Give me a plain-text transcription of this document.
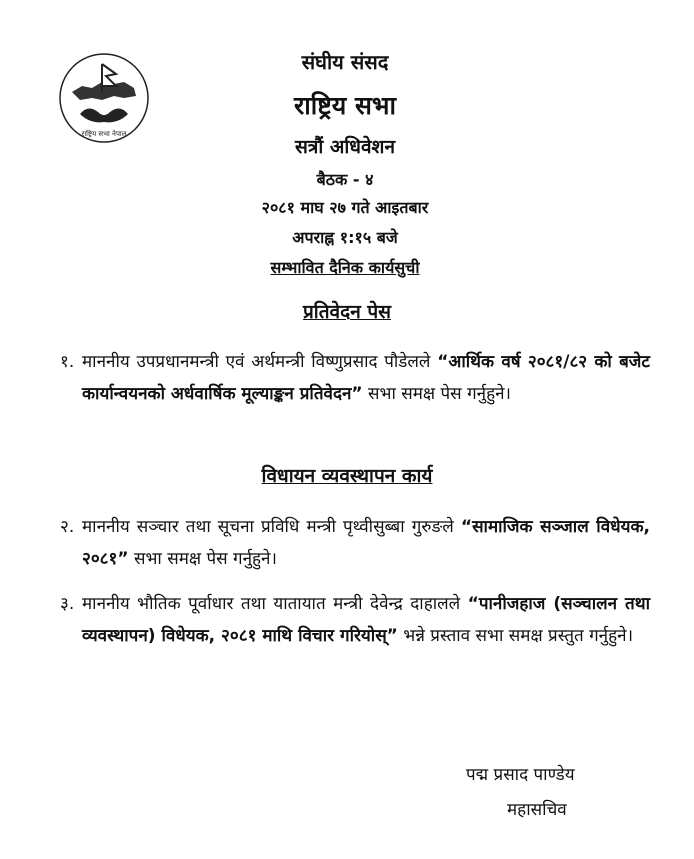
राष्ट्रिय सभा नेपाल
संघीय संसद
राष्ट्रिय सभा
सत्रौं अधिवेशन
बैठक - ४
२०८१ माघ २७ गते आइतबार
अपराह्न १:१५ बजे
सम्भावित दैनिक कार्यसुची
प्रतिवेदन पेस
१. माननीय उपप्रधानमन्त्री एवं अर्थमन्त्री विष्णुप्रसाद पौडेलले “आर्थिक वर्ष २०८१/८२ को बजेट कार्यान्वयनको अर्धवार्षिक मूल्याङ्कन प्रतिवेदन” सभा समक्ष पेस गर्नुहुने।
विधायन व्यवस्थापन कार्य
२. माननीय सञ्चार तथा सूचना प्रविधि मन्त्री पृथ्वीसुब्बा गुरुङले “सामाजिक सञ्जाल विधेयक, २०८१” सभा समक्ष पेस गर्नुहुने।
३. माननीय भौतिक पूर्वाधार तथा यातायात मन्त्री देवेन्द्र दाहालले “पानीजहाज (सञ्चालन तथा व्यवस्थापन) विधेयक, २०८१ माथि विचार गरियोस्” भन्ने प्रस्ताव सभा समक्ष प्रस्तुत गर्नुहुने।
पद्म प्रसाद पाण्डेय
महासचिव
